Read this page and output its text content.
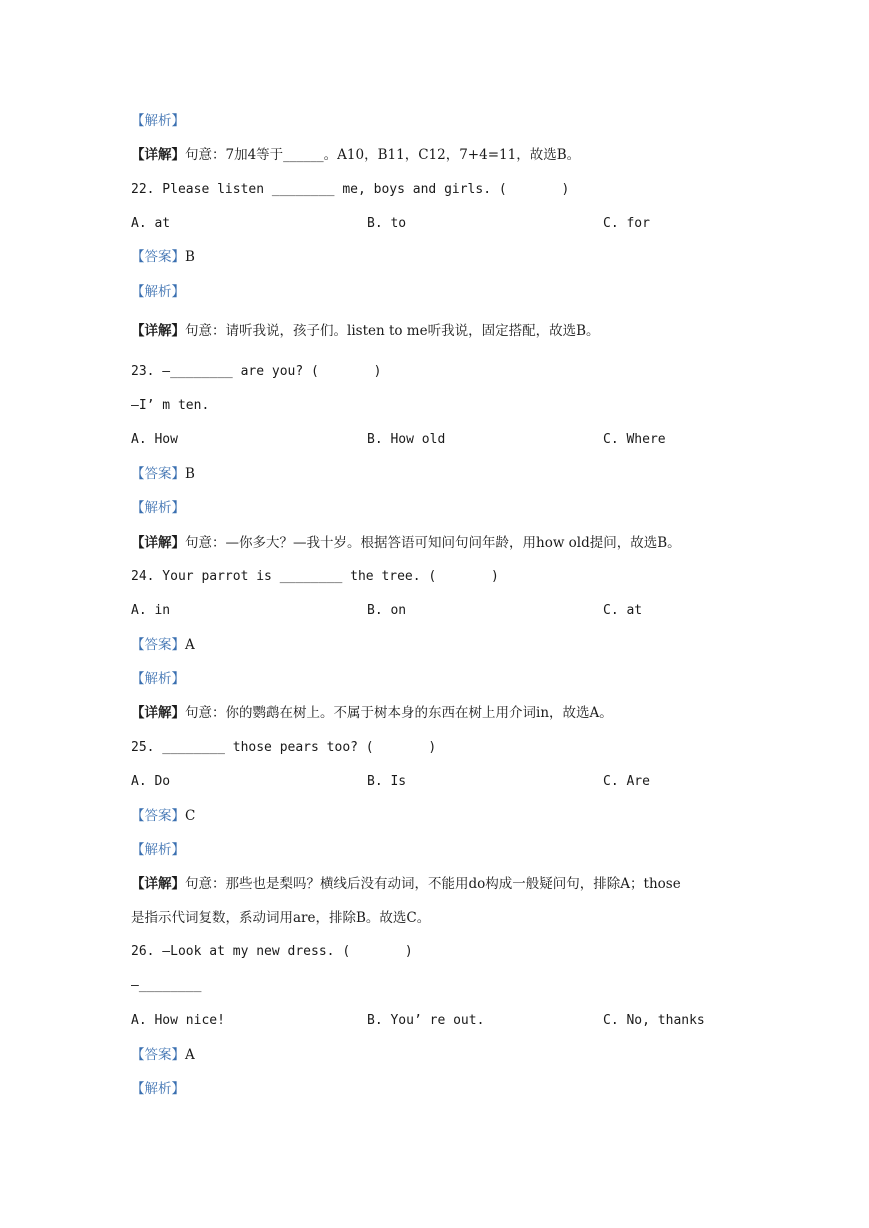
【解析】
【详解】句意：7加4等于______。A10，B11，C12，7+4=11，故选B。
22. Please listen ________ me, boys and girls. (       )
A. at	B. to	C. for
【答案】B
【解析】
【详解】句意：请听我说，孩子们。listen to me听我说，固定搭配，故选B。
23. —________ are you? (       )
—I’ m ten.
A. How	B. How old	C. Where
【答案】B
【解析】
【详解】句意：—你多大？—我十岁。根据答语可知问句问年龄，用how old提问，故选B。
24. Your parrot is ________ the tree. (       )
A. in	B. on	C. at
【答案】A
【解析】
【详解】句意：你的鹦鹉在树上。不属于树本身的东西在树上用介词in，故选A。
25. ________ those pears too? (       )
A. Do	B. Is	C. Are
【答案】C
【解析】
【详解】句意：那些也是梨吗？横线后没有动词，不能用do构成一般疑问句，排除A；those
是指示代词复数，系动词用are，排除B。故选C。
26. —Look at my new dress. (       )
—________
A. How nice!	B. You’ re out.	C. No, thanks
【答案】A
【解析】
